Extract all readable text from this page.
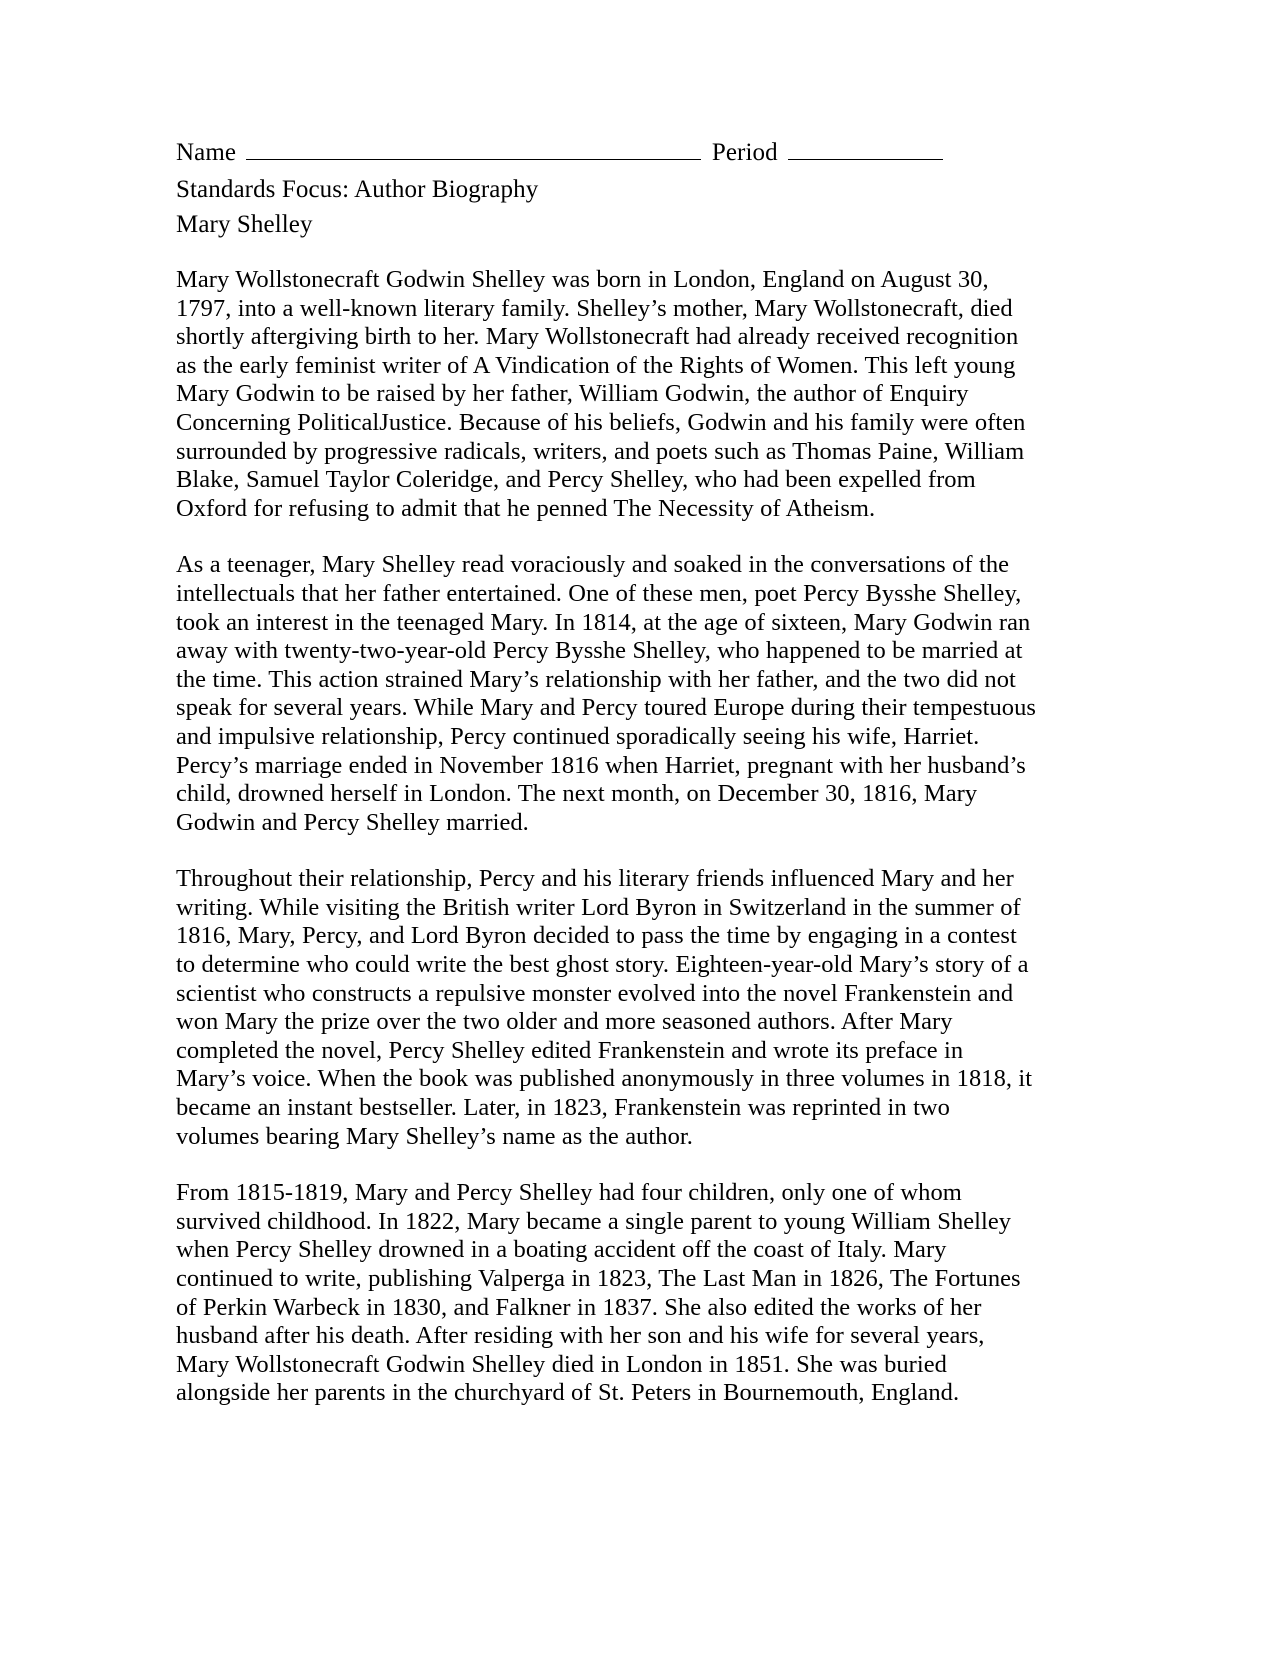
Name	Period
Standards Focus: Author Biography
Mary Shelley

Mary Wollstonecraft Godwin Shelley was born in London, England on August 30, 1797, into a well-known literary family. Shelley’s mother, Mary Wollstonecraft, died shortly aftergiving birth to her. Mary Wollstonecraft had already received recognition as the early feminist writer of A Vindication of the Rights of Women. This left young Mary Godwin to be raised by her father, William Godwin, the author of Enquiry Concerning PoliticalJustice. Because of his beliefs, Godwin and his family were often surrounded by progressive radicals, writers, and poets such as Thomas Paine, William Blake, Samuel Taylor Coleridge, and Percy Shelley, who had been expelled from Oxford for refusing to admit that he penned The Necessity of Atheism.

As a teenager, Mary Shelley read voraciously and soaked in the conversations of the intellectuals that her father entertained. One of these men, poet Percy Bysshe Shelley, took an interest in the teenaged Mary. In 1814, at the age of sixteen, Mary Godwin ran away with twenty-two-year-old Percy Bysshe Shelley, who happened to be married at the time. This action strained Mary’s relationship with her father, and the two did not speak for several years. While Mary and Percy toured Europe during their tempestuous and impulsive relationship, Percy continued sporadically seeing his wife, Harriet. Percy’s marriage ended in November 1816 when Harriet, pregnant with her husband’s child, drowned herself in London. The next month, on December 30, 1816, Mary Godwin and Percy Shelley married.

Throughout their relationship, Percy and his literary friends influenced Mary and her writing. While visiting the British writer Lord Byron in Switzerland in the summer of 1816, Mary, Percy, and Lord Byron decided to pass the time by engaging in a contest to determine who could write the best ghost story. Eighteen-year-old Mary’s story of a scientist who constructs a repulsive monster evolved into the novel Frankenstein and won Mary the prize over the two older and more seasoned authors. After Mary completed the novel, Percy Shelley edited Frankenstein and wrote its preface in Mary’s voice. When the book was published anonymously in three volumes in 1818, it became an instant bestseller. Later, in 1823, Frankenstein was reprinted in two volumes bearing Mary Shelley’s name as the author.

From 1815-1819, Mary and Percy Shelley had four children, only one of whom survived childhood. In 1822, Mary became a single parent to young William Shelley when Percy Shelley drowned in a boating accident off the coast of Italy. Mary continued to write, publishing Valperga in 1823, The Last Man in 1826, The Fortunes of Perkin Warbeck in 1830, and Falkner in 1837. She also edited the works of her husband after his death. After residing with her son and his wife for several years, Mary Wollstonecraft Godwin Shelley died in London in 1851. She was buried alongside her parents in the churchyard of St. Peters in Bournemouth, England.
